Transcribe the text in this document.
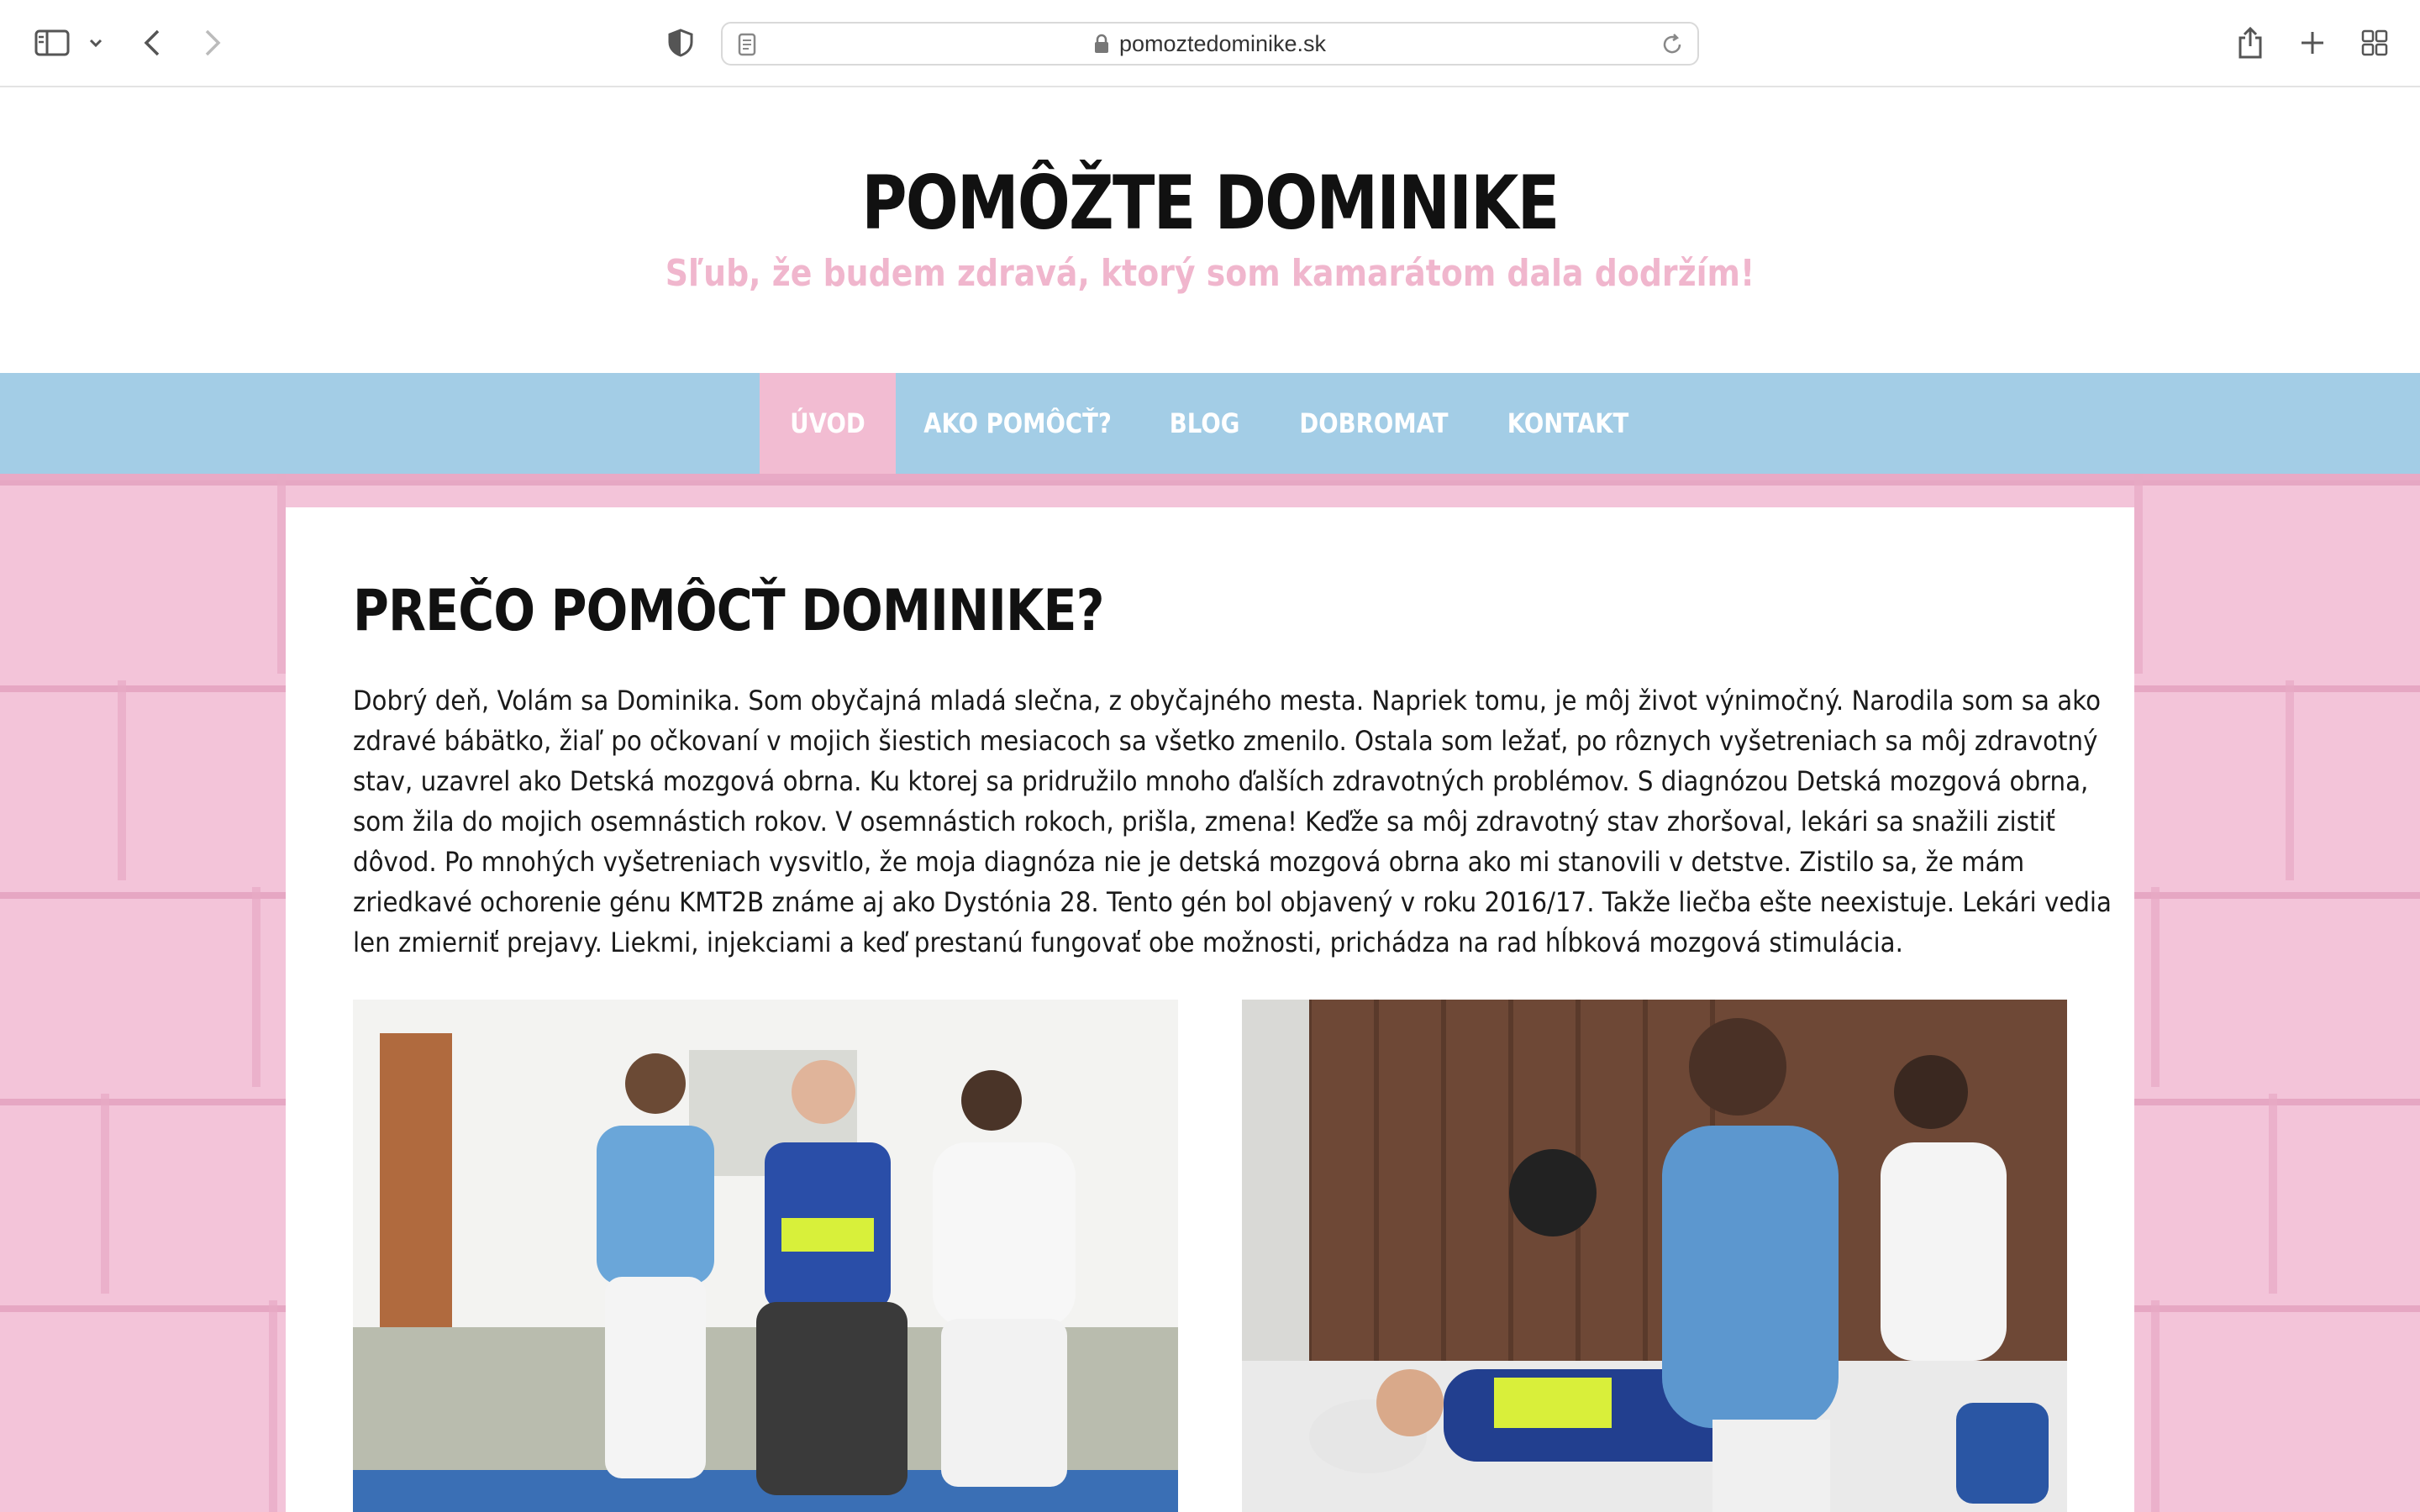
pomoztedominike.sk
POMÔŽTE DOMINIKE
Sľub, že budem zdravá, ktorý som kamarátom dala dodržím!
ÚVOD AKO POMÔCŤ? BLOG DOBROMAT KONTAKT
PREČO POMÔCŤ DOMINIKE?
Dobrý deň, Volám sa Dominika. Som obyčajná mladá slečna, z obyčajného mesta. Napriek tomu, je môj život výnimočný. Narodila som sa ako
zdravé bábätko, žiaľ po očkovaní v mojich šiestich mesiacoch sa všetko zmenilo. Ostala som ležať, po rôznych vyšetreniach sa môj zdravotný
stav, uzavrel ako Detská mozgová obrna. Ku ktorej sa pridružilo mnoho ďalších zdravotných problémov. S diagnózou Detská mozgová obrna,
som žila do mojich osemnástich rokov. V osemnástich rokoch, prišla, zmena! Keďže sa môj zdravotný stav zhoršoval, lekári sa snažili zistiť
dôvod. Po mnohých vyšetreniach vysvitlo, že moja diagnóza nie je detská mozgová obrna ako mi stanovili v detstve. Zistilo sa, že mám
zriedkavé ochorenie génu KMT2B známe aj ako Dystónia 28. Tento gén bol objavený v roku 2016/17. Takže liečba ešte neexistuje. Lekári vedia
len zmierniť prejavy. Liekmi, injekciami a keď prestanú fungovať obe možnosti, prichádza na rad hĺbková mozgová stimulácia.
